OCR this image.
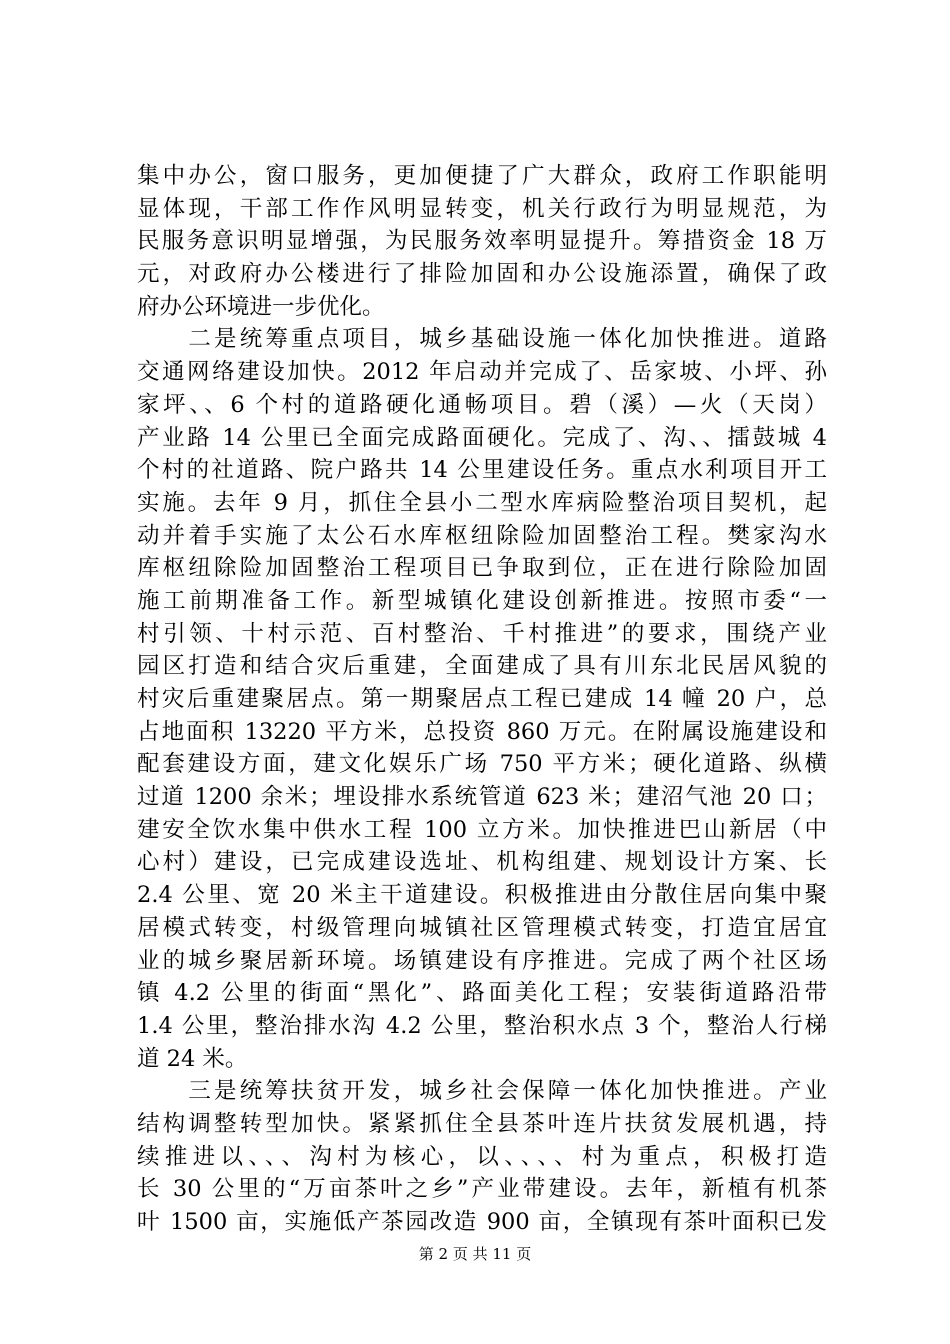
集中办公，窗口服务，更加便捷了广大群众，政府工作职能明
显体现，干部工作作风明显转变，机关行政行为明显规范，为
民服务意识明显增强，为民服务效率明显提升。筹措资金 18 万
元，对政府办公楼进行了排险加固和办公设施添置，确保了政
府办公环境进一步优化。
　　二是统筹重点项目，城乡基础设施一体化加快推进。道路
交通网络建设加快。2012 年启动并完成了、岳家坡、小坪、孙
家坪、、6 个村的道路硬化通畅项目。碧（溪）—火（天岗）
产业路 14 公里已全面完成路面硬化。完成了、沟、、擂鼓城 4
个村的社道路、院户路共 14 公里建设任务。重点水利项目开工
实施。去年 9 月，抓住全县小二型水库病险整治项目契机，起
动并着手实施了太公石水库枢纽除险加固整治工程。樊家沟水
库枢纽除险加固整治工程项目已争取到位，正在进行除险加固
施工前期准备工作。新型城镇化建设创新推进。按照市委“一
村引领、十村示范、百村整治、千村推进”的要求，围绕产业
园区打造和结合灾后重建，全面建成了具有川东北民居风貌的
村灾后重建聚居点。第一期聚居点工程已建成 14 幢 20 户，总
占地面积 13220 平方米，总投资 860 万元。在附属设施建设和
配套建设方面，建文化娱乐广场 750 平方米；硬化道路、纵横
过道 1200 余米；埋设排水系统管道 623 米；建沼气池 20 口；
建安全饮水集中供水工程 100 立方米。加快推进巴山新居（中
心村）建设，已完成建设选址、机构组建、规划设计方案、长
2.4 公里、宽 20 米主干道建设。积极推进由分散住居向集中聚
居模式转变，村级管理向城镇社区管理模式转变，打造宜居宜
业的城乡聚居新环境。场镇建设有序推进。完成了两个社区场
镇 4.2 公里的街面“黑化”、路面美化工程；安装街道路沿带
1.4 公里，整治排水沟 4.2 公里，整治积水点 3 个，整治人行梯
道 24 米。
　　三是统筹扶贫开发，城乡社会保障一体化加快推进。产业
结构调整转型加快。紧紧抓住全县茶叶连片扶贫发展机遇，持
续推进以、、、沟村为核心，以、、、、村为重点，积极打造
长 30 公里的“万亩茶叶之乡”产业带建设。去年，新植有机茶
叶 1500 亩，实施低产茶园改造 900 亩，全镇现有茶叶面积已发
第 2 页 共 11 页
